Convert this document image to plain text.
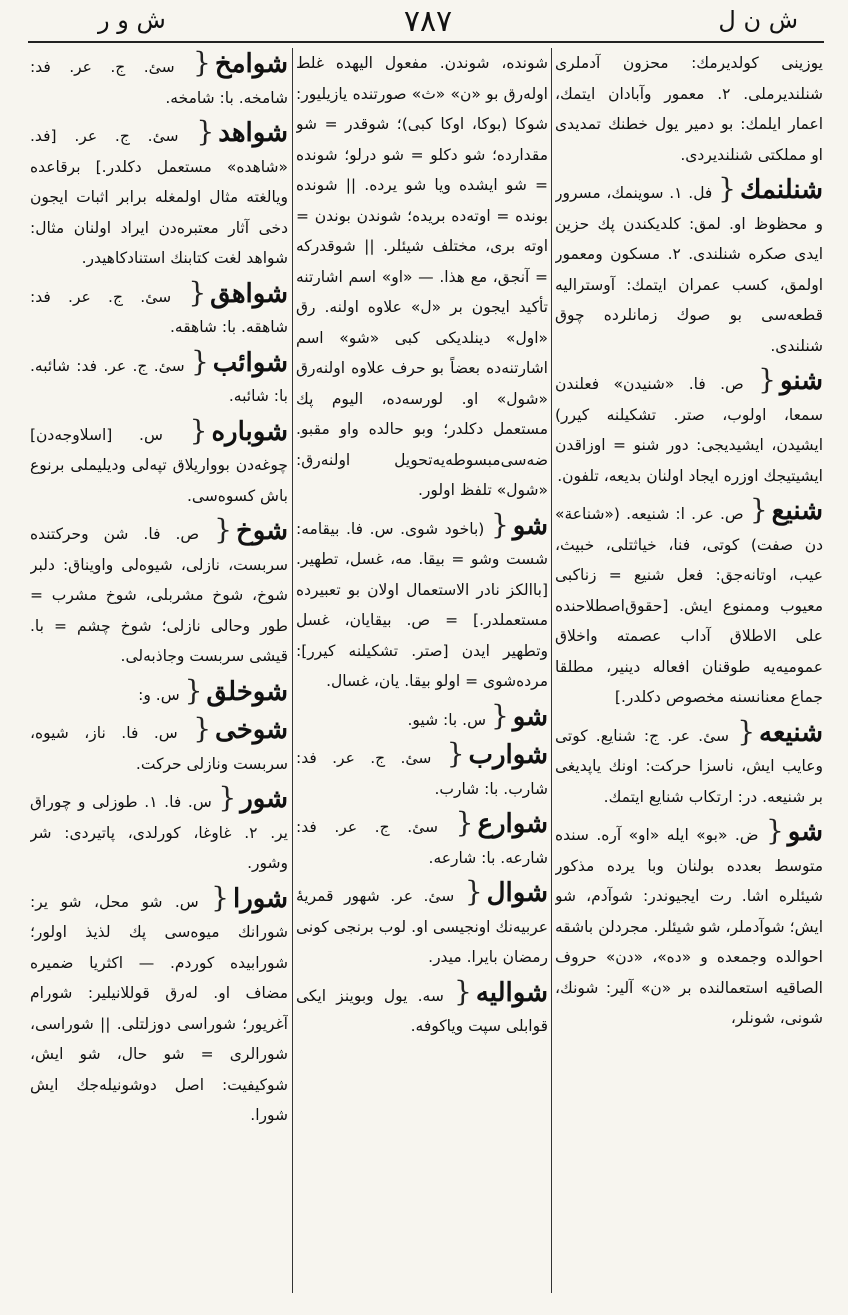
ش ن ل
٧٨٧
ش و ر
یوزینی كولدیرمك: محزون آدملری شنلندیرملی. ٢. معمور وآبادان ایتمك، اعمار ایلمك: بو دمیر یول خطنك تمدیدی او مملكتی شنلندیردی.
شنلنمك{ فل. ١. سوینمك، مسرور و محظوظ او. لمق: كلدیكندن پك حزین ایدی صكره شنلندی. ٢. مسكون ومعمور اولمق، كسب عمران ایتمك: آوستراليه قطعه‌سی بو صوك زمانلرده چوق شنلندی.
شنو{ ص. فا. «شنیدن» فعلندن سمعا، اولوب، صتر. تشكیلنه كیرر) ایشیدن، ایشیدیجی: دور شنو = اوزاقدن ایشیتیجك اوزره ایجاد اولنان بدیعه، تلفون.
شنیع{ ص. عر. ا: شنیعه. («شناعة» دن صفت) كوتی، فنا، خیاثتلی، خبیث، عیب، اوتانه‌جق: فعل شنیع = زناكبی معیوب وممنوع ایش. [حقوق‌اصطلاحنده علی الاطلاق آداب عصمته واخلاق عمومیه‌یه طوقنان افعاله دینیر، مطلقا جماع معنانسنه مخصوص دكلدر.]
شنیعه{ سئ. عر. ج: شنایع. كوتی وعایب ایش، ناسزا حركت: اونك یاپدیغی بر شنیعه. در: ارتكاب شنایع ایتمك.
شو{ ض. «بو» ایله «او» آره. سنده متوسط بعدده بولنان وبا یرده مذكور شیئلره اشا. رت ایجیوندر: شوآدم، شو ایش؛ شوآدملر، شو شیئلر. مجردلن باشقه احوالده وجمعده و «ده»، «دن» حروف الصاقیه استعمالنده بر «ن» آلیر: شونك، شونی، شونلر،
شونده، شوندن. مفعول الیهده غلط اولەرق بو «ن» «ث» صورتنده یازیلیور: شوكا (بوكا، اوكا كبی)؛ شوقدر = شو مقدارده؛ شو دكلو = شو درلو؛ شونده = شو ایشده ویا شو یرده. || شونده بونده = اوتەده بریده؛ شوندن بوندن = اوته بری، مختلف شیئلر. || شوقدركه = آنجق، مع هذا. — «او» اسم اشارتنه تأكید ایجون بر «ل» علاوه اولنه. رق «اول» دینلدیكی كبی «شو» اسم اشارتنەده بعضاً بو حرف علاوه اولنەرق «شول» او. لورسەده، الیوم پك مستعمل دكلدر؛ وبو حالده واو مقبو. ضه‌سی‌مبسوطه‌یه‌تحویل اولنەرق: «شول» تلفظ اولور.
شو{ (باخود شوی. س. فا. بیقامه: شست وشو = بیقا. مه، غسل، تطهیر. [باالكز نادر الاستعمال اولان بو تعبیرده مستعملدر.] = ص. بیقایان، غسل وتطهیر ایدن [صتر. تشكیلنه كیرر]: مردەشوی = اولو بیقا. یان، غسال.
شو{ س. با: شیو.
شوارب{ سئ. ج. عر. فد: شارب. با: شارب.
شوارع{ سئ. ج. عر. فد: شارعه. با: شارعه.
شوال{ سئ. عر. شهور قمریهٔ عربیه‌نك اونجیسی او. لوب برنجی كونی رمضان بایرا. میدر.
شواليه{ سه. یول وبوینز ایكی قوابلی سپت ویاكوفه.
شوامخ{ سئ. ج. عر. فد: شامخه. با: شامخه.
شواهد{ سئ. ج. عر. [فد. «شاهده» مستعمل دكلدر.] برقاعده ویالغته مثال اولمغله برابر اثبات ایجون دخی آثار معتبره‌دن ایراد اولنان مثال: شواهد لغت كتابنك استنادكاهیدر.
شواهق{ سئ. ج. عر. فد: شاهقه. با: شاهقه.
شوائب{ سئ. ج. عر. فد: شائبه. با: شائبه.
شوباره{ س. [اسلاوجه‌دن] چوغه‌دن بوواریلاق تپه‌لی ودیلیملی برنوع باش كسوه‌سی.
شوخ{ ص. فا. شن وحركتنده سربست، نازلی، شیوه‌لی واویناق: دلبر شوخ، شوخ مشربلی، شوخ مشرب = طور وحالی نازلی؛ شوخ چشم = با. قیشی سربست وجاذبه‌لی.
شوخلق{ س. و:
شوخی{ س. فا. ناز، شیوه، سربست ونازلی حركت.
شور{ س. فا. ١. طوزلی و چوراق یر. ٢. غاوغا، كورلدی، پاتیردی: شر وشور.
شورا{ س. شو محل، شو یر: شورانك میوه‌سی پك لذیذ اولور؛ شورابیده كوردم. — اكثریا ضمیره مضاف او. لەرق قوللانیلیر: شورام آغریور؛ شوراسی دوزلتلی. || شوراسی، شورالری = شو حال، شو ایش، شوكیفیت: اصل دوشونیلەجك ایش شورا.
